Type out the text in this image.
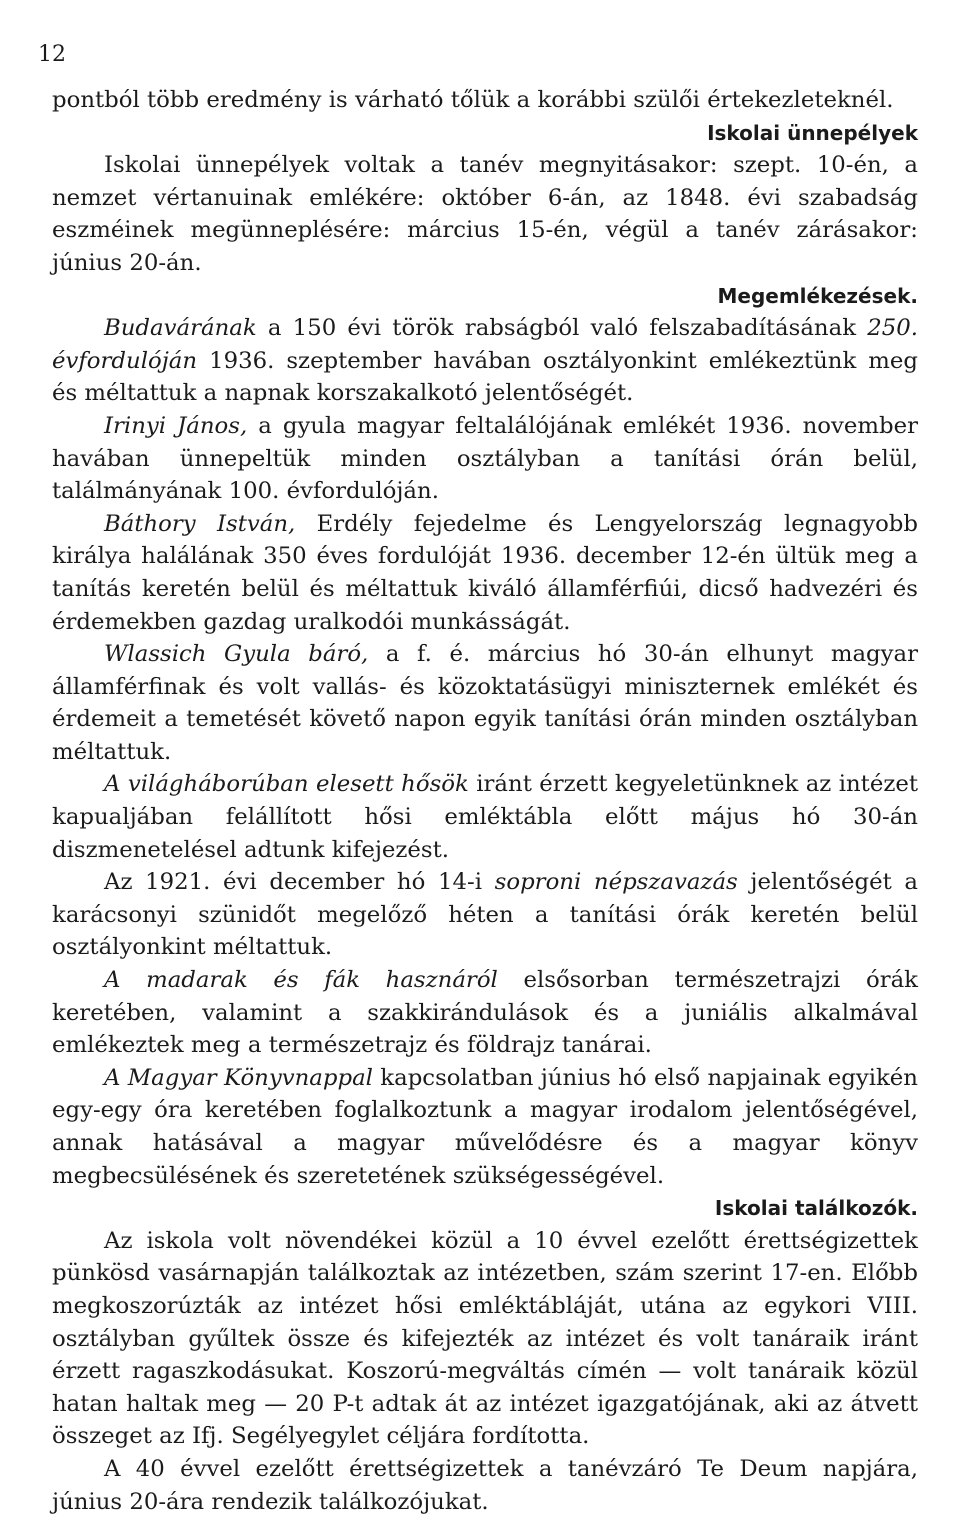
12

pontból több eredmény is várható tőlük a korábbi szülői értekezleteknél.

Iskolai ünnepélyek

Iskolai ünnepélyek voltak a tanév megnyitásakor: szept. 10-én, a nemzet vértanuinak emlékére: október 6-án, az 1848. évi szabadság eszméinek megünneplésére: március 15-én, végül a tanév zárásakor: június 20-án.

Megemlékezések.

Budavárának a 150 évi török rabságból való felszabadításának 250. évfordulóján 1936. szeptember havában osztályonkint emlékeztünk meg és méltattuk a napnak korszakalkotó jelentőségét.

Irinyi János, a gyula magyar feltalálójának emlékét 1936. november havában ünnepeltük minden osztályban a tanítási órán belül, találmányának 100. évfordulóján.

Báthory István, Erdély fejedelme és Lengyelország legnagyobb királya halálának 350 éves fordulóját 1936. december 12-én ültük meg a tanítás keretén belül és méltattuk kiváló államférfiúi, dicső hadvezéri és érdemekben gazdag uralkodói munkásságát.

Wlassich Gyula báró, a f. é. március hó 30-án elhunyt magyar államférfinak és volt vallás- és közoktatásügyi miniszternek emlékét és érdemeit a temetését követő napon egyik tanítási órán minden osztályban méltattuk.

A világháborúban elesett hősök iránt érzett kegyeletünknek az intézet kapualjában felállított hősi emléktábla előtt május hó 30-án diszmenetelésel adtunk kifejezést.

Az 1921. évi december hó 14-i soproni népszavazás jelentőségét a karácsonyi szünidőt megelőző héten a tanítási órák keretén belül osztályonkint méltattuk.

A madarak és fák hasznáról elsősorban természetrajzi órák keretében, valamint a szakkirándulások és a juniális alkalmával emlékeztek meg a természetrajz és földrajz tanárai.

A Magyar Könyvnappal kapcsolatban június hó első napjainak egyikén egy-egy óra keretében foglalkoztunk a magyar irodalom jelentőségével, annak hatásával a magyar művelődésre és a magyar könyv megbecsülésének és szeretetének szükségességével.

Iskolai találkozók.

Az iskola volt növendékei közül a 10 évvel ezelőtt érettségizettek pünkösd vasárnapján találkoztak az intézetben, szám szerint 17-en. Előbb megkoszorúzták az intézet hősi emléktábláját, utána az egykori VIII. osztályban gyűltek össze és kifejezték az intézet és volt tanáraik iránt érzett ragaszkodásukat. Koszorú-megváltás címén — volt tanáraik közül hatan haltak meg — 20 P-t adtak át az intézet igazgatójának, aki az átvett összeget az Ifj. Segélyegylet céljára fordította.

A 40 évvel ezelőtt érettségizettek a tanévzáró Te Deum napjára, június 20-ára rendezik találkozójukat.
